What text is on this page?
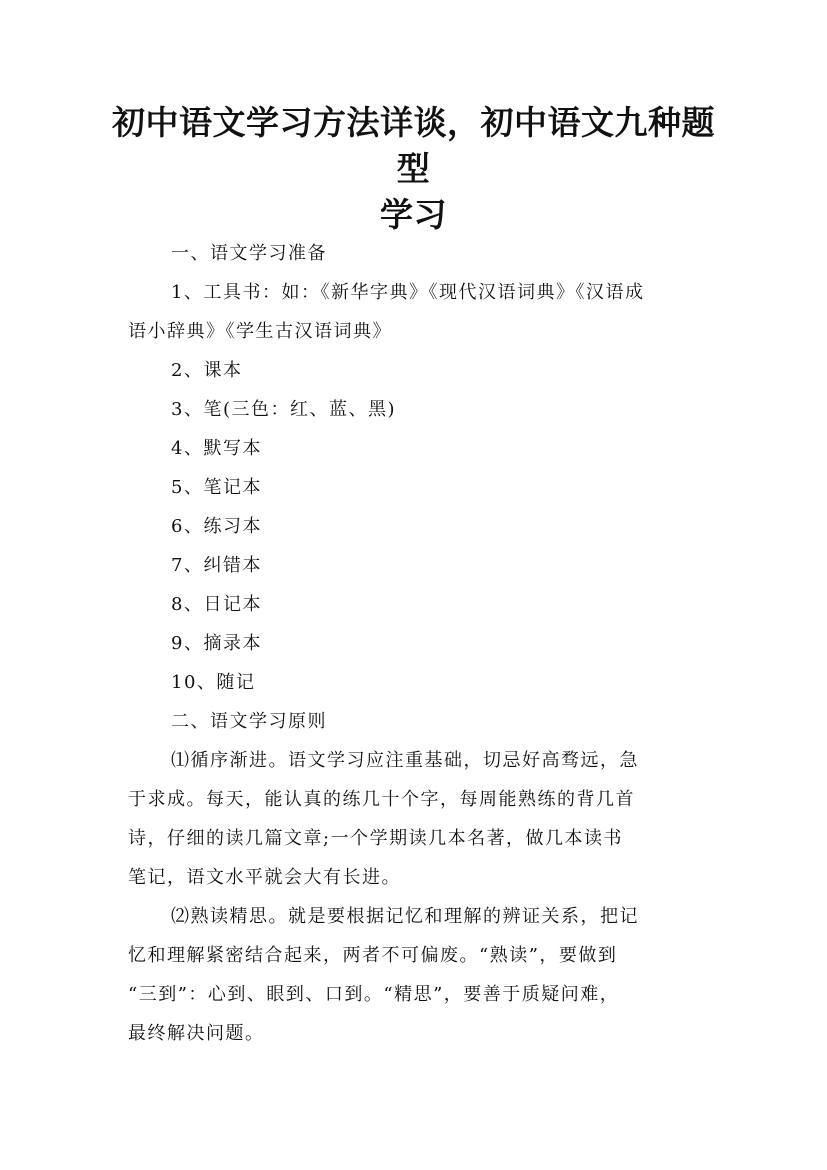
初中语文学习方法详谈，初中语文九种题型
学习

一、语文学习准备

1、工具书：如：《新华字典》《现代汉语词典》《汉语成
语小辞典》《学生古汉语词典》

2、课本

3、笔(三色：红、蓝、黑)

4、默写本

5、笔记本

6、练习本

7、纠错本

8、日记本

9、摘录本

10、随记

二、语文学习原则

⑴循序渐进。语文学习应注重基础，切忌好高骛远，急
于求成。每天，能认真的练几十个字，每周能熟练的背几首
诗，仔细的读几篇文章;一个学期读几本名著，做几本读书
笔记，语文水平就会大有长进。
⑵熟读精思。就是要根据记忆和理解的辨证关系，把记
忆和理解紧密结合起来，两者不可偏废。“熟读”，要做到
“三到”：心到、眼到、口到。“精思”，要善于质疑问难，
最终解决问题。
